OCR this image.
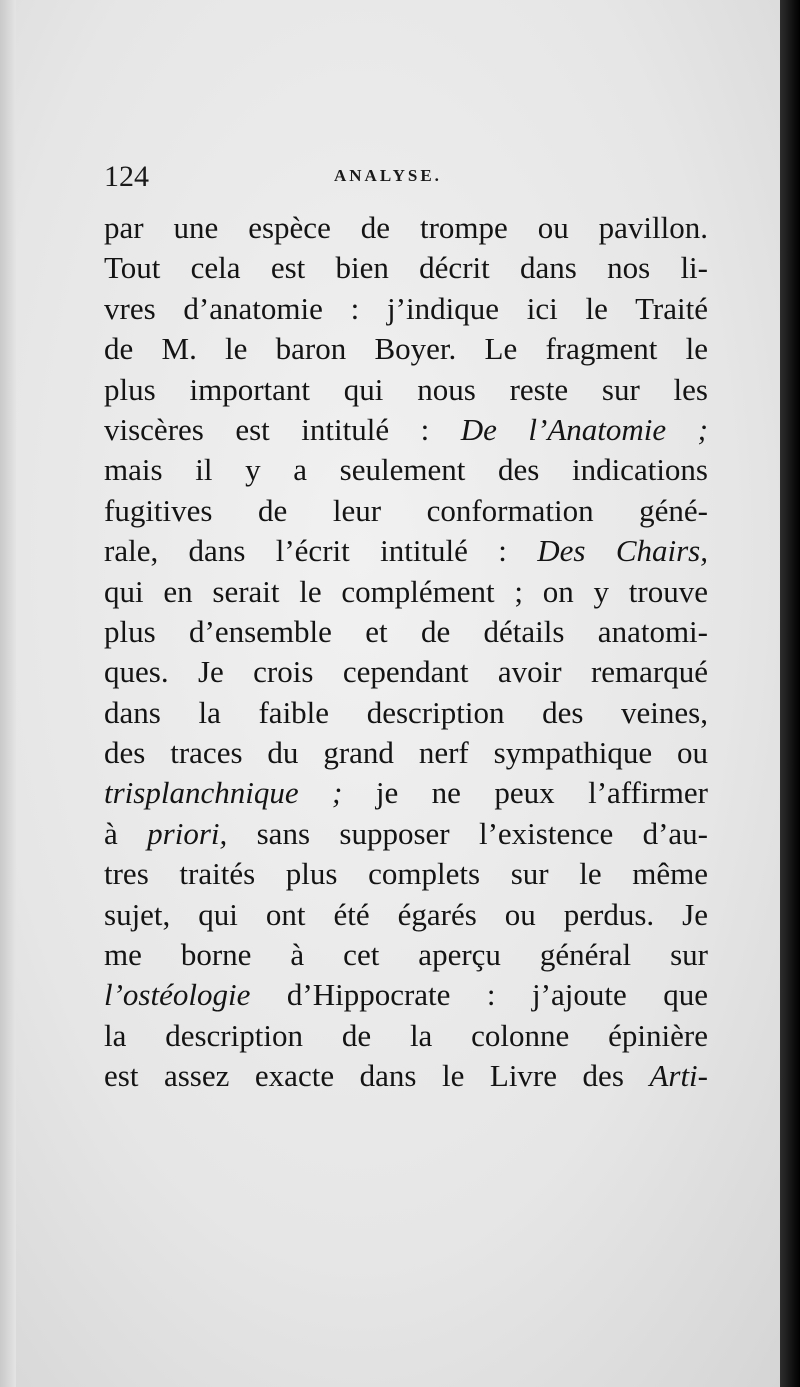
124	ANALYSE.
par une espèce de trompe ou pavillon.
Tout cela est bien décrit dans nos li-
vres d’anatomie : j’indique ici le Traité
de M. le baron Boyer. Le fragment le
plus important qui nous reste sur les
viscères est intitulé : De l’Anatomie ;
mais il y a seulement des indications
fugitives de leur conformation géné-
rale, dans l’écrit intitulé : Des Chairs,
qui en serait le complément ; on y trouve
plus d’ensemble et de détails anatomi-
ques. Je crois cependant avoir remarqué
dans la faible description des veines,
des traces du grand nerf sympathique ou
trisplanchnique ; je ne peux l’affirmer
à priori, sans supposer l’existence d’au-
tres traités plus complets sur le même
sujet, qui ont été égarés ou perdus. Je
me borne à cet aperçu général sur
l’ostéologie d’Hippocrate : j’ajoute que
la description de la colonne épinière
est assez exacte dans le Livre des Arti-
